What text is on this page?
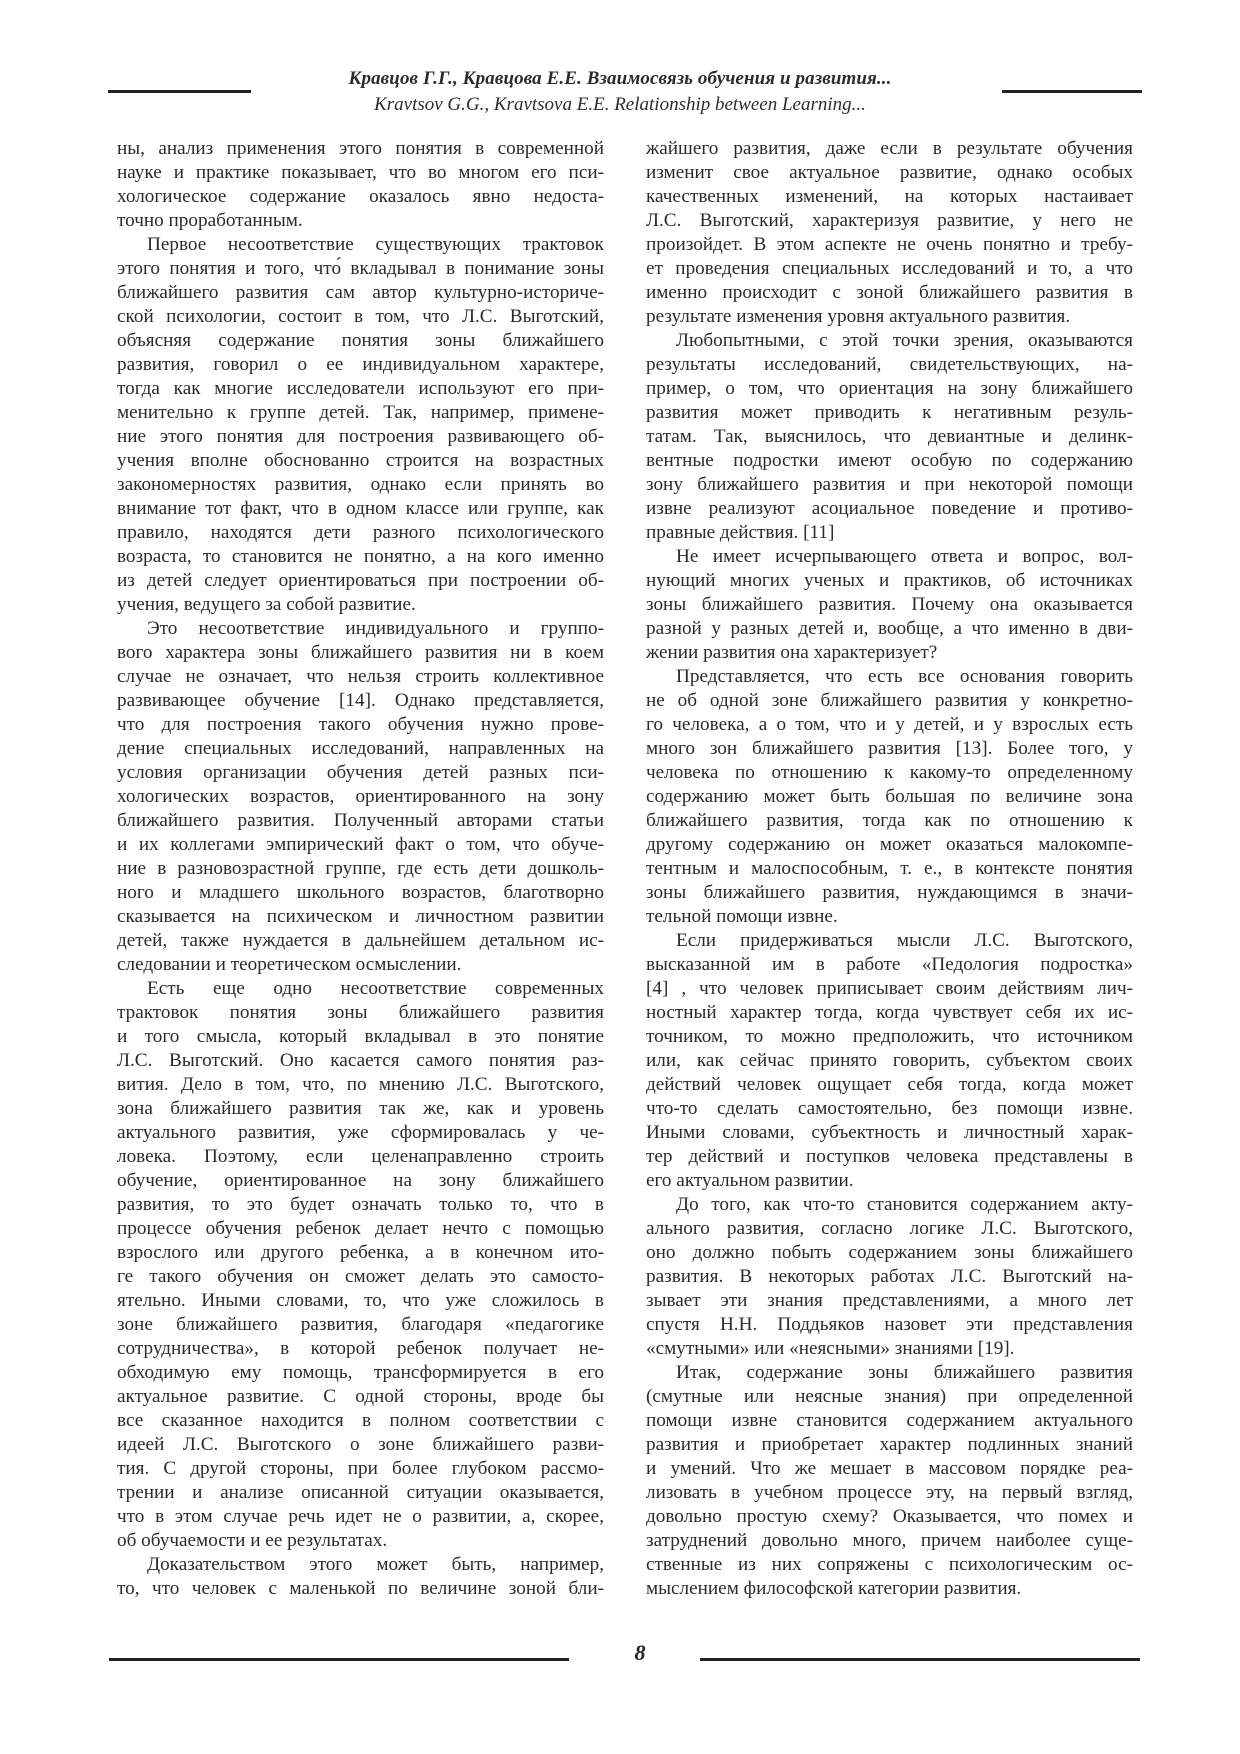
Кравцов Г.Г., Кравцова Е.Е. Взаимосвязь обучения и развития...
Kravtsov G.G., Kravtsova E.E. Relationship between Learning...
ны, анализ применения этого понятия в современной
науке и практике показывает, что во многом его пси-
хологическое содержание оказалось явно недоста-
точно проработанным.
Первое несоответствие существующих трактовок
этого понятия и того, что́ вкладывал в понимание зоны
ближайшего развития сам автор культурно-историче-
ской психологии, состоит в том, что Л.С. Выготский,
объясняя содержание понятия зоны ближайшего
развития, говорил о ее индивидуальном характере,
тогда как многие исследователи используют его при-
менительно к группе детей. Так, например, примене-
ние этого понятия для построения развивающего об-
учения вполне обоснованно строится на возрастных
закономерностях развития, однако если принять во
внимание тот факт, что в одном классе или группе, как
правило, находятся дети разного психологического
возраста, то становится не понятно, а на кого именно
из детей следует ориентироваться при построении об-
учения, ведущего за собой развитие.
Это несоответствие индивидуального и группо-
вого характера зоны ближайшего развития ни в коем
случае не означает, что нельзя строить коллективное
развивающее обучение [14]. Однако представляется,
что для построения такого обучения нужно прове-
дение специальных исследований, направленных на
условия организации обучения детей разных пси-
хологических возрастов, ориентированного на зону
ближайшего развития. Полученный авторами статьи
и их коллегами эмпирический факт о том, что обуче-
ние в разновозрастной группе, где есть дети дошколь-
ного и младшего школьного возрастов, благотворно
сказывается на психическом и личностном развитии
детей, также нуждается в дальнейшем детальном ис-
следовании и теоретическом осмыслении.
Есть еще одно несоответствие современных
трактовок понятия зоны ближайшего развития
и того смысла, который вкладывал в это понятие
Л.С. Выготский. Оно касается самого понятия раз-
вития. Дело в том, что, по мнению Л.С. Выготского,
зона ближайшего развития так же, как и уровень
актуального развития, уже сформировалась у че-
ловека. Поэтому, если целенаправленно строить
обучение, ориентированное на зону ближайшего
развития, то это будет означать только то, что в
процессе обучения ребенок делает нечто с помощью
взрослого или другого ребенка, а в конечном ито-
ге такого обучения он сможет делать это самосто-
ятельно. Иными словами, то, что уже сложилось в
зоне ближайшего развития, благодаря «педагогике
сотрудничества», в которой ребенок получает не-
обходимую ему помощь, трансформируется в его
актуальное развитие. С одной стороны, вроде бы
все сказанное находится в полном соответствии с
идеей Л.С. Выготского о зоне ближайшего разви-
тия. С другой стороны, при более глубоком рассмо-
трении и анализе описанной ситуации оказывается,
что в этом случае речь идет не о развитии, а, скорее,
об обучаемости и ее результатах.
Доказательством этого может быть, например,
то, что человек с маленькой по величине зоной бли-
жайшего развития, даже если в результате обучения
изменит свое актуальное развитие, однако особых
качественных изменений, на которых настаивает
Л.С. Выготский, характеризуя развитие, у него не
произойдет. В этом аспекте не очень понятно и требу-
ет проведения специальных исследований и то, а что
именно происходит с зоной ближайшего развития в
результате изменения уровня актуального развития.
Любопытными, с этой точки зрения, оказываются
результаты исследований, свидетельствующих, на-
пример, о том, что ориентация на зону ближайшего
развития может приводить к негативным резуль-
татам. Так, выяснилось, что девиантные и делинк-
вентные подростки имеют особую по содержанию
зону ближайшего развития и при некоторой помощи
извне реализуют асоциальное поведение и противо-
правные действия. [11]
Не имеет исчерпывающего ответа и вопрос, вол-
нующий многих ученых и практиков, об источниках
зоны ближайшего развития. Почему она оказывается
разной у разных детей и, вообще, а что именно в дви-
жении развития она характеризует?
Представляется, что есть все основания говорить
не об одной зоне ближайшего развития у конкретно-
го человека, а о том, что и у детей, и у взрослых есть
много зон ближайшего развития [13]. Более того, у
человека по отношению к какому-то определенному
содержанию может быть большая по величине зона
ближайшего развития, тогда как по отношению к
другому содержанию он может оказаться малокомпе-
тентным и малоспособным, т. е., в контексте понятия
зоны ближайшего развития, нуждающимся в значи-
тельной помощи извне.
Если придерживаться мысли Л.С. Выготского,
высказанной им в работе «Педология подростка»
[4] , что человек приписывает своим действиям лич-
ностный характер тогда, когда чувствует себя их ис-
точником, то можно предположить, что источником
или, как сейчас принято говорить, субъектом своих
действий человек ощущает себя тогда, когда может
что-то сделать самостоятельно, без помощи извне.
Иными словами, субъектность и личностный харак-
тер действий и поступков человека представлены в
его актуальном развитии.
До того, как что-то становится содержанием акту-
ального развития, согласно логике Л.С. Выготского,
оно должно побыть содержанием зоны ближайшего
развития. В некоторых работах Л.С. Выготский на-
зывает эти знания представлениями, а много лет
спустя Н.Н. Поддьяков назовет эти представления
«смутными» или «неясными» знаниями [19].
Итак, содержание зоны ближайшего развития
(смутные или неясные знания) при определенной
помощи извне становится содержанием актуального
развития и приобретает характер подлинных знаний
и умений. Что же мешает в массовом порядке реа-
лизовать в учебном процессе эту, на первый взгляд,
довольно простую схему? Оказывается, что помех и
затруднений довольно много, причем наиболее суще-
ственные из них сопряжены с психологическим ос-
мыслением философской категории развития.
8
